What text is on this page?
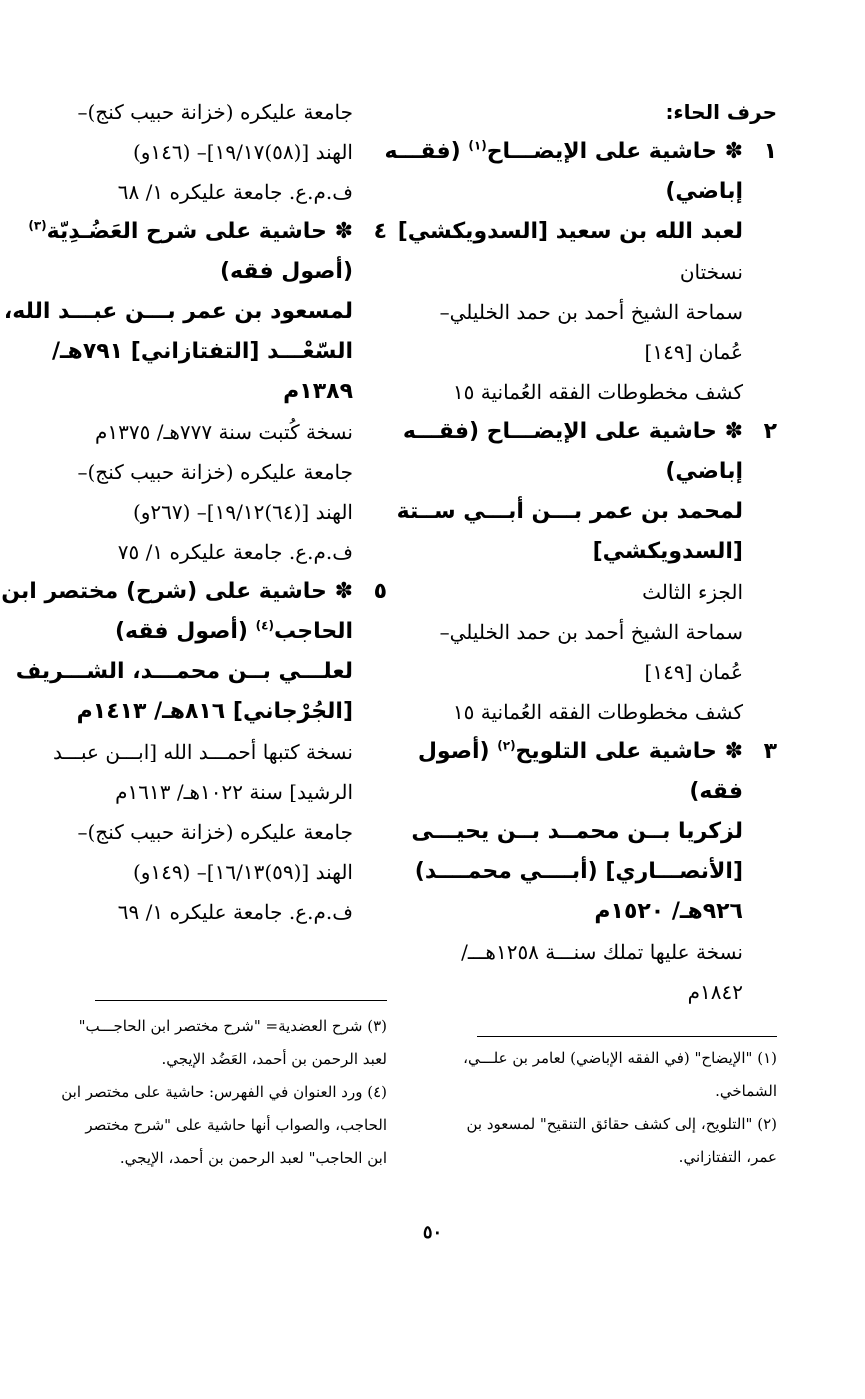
حرف الحاء:
١✽ حاشية على الإيضـــاح$^{(١)}$ (فقـــه
إباضي)
لعبد الله بن سعيد [السدويكشي]
نسختان
سماحة الشيخ أحمد بن حمد الخليلي–
عُمان [١٤٩]
كشف مخطوطات الفقه العُمانية ١٥
٢✽ حاشية على الإيضـــاح (فقـــه
إباضي)
لمحمد بن عمر بـــن أبـــي ســتة
[السدويكشي]
الجزء الثالث
سماحة الشيخ أحمد بن حمد الخليلي–
عُمان [١٤٩]
كشف مخطوطات الفقه العُمانية ١٥
٣✽ حاشية على التلويح$^{(٢)}$ (أصول
فقه)
لزكريا بــن محمــد بــن يحيـــى
[الأنصـــاري] (أبــــي محمــــد)
٩٢٦هـ/ ١٥٢٠م
نسخة عليها تملك سنـــة ١٢٥٨هـــ/
١٨٤٢م
جامعة عليكره (خزانة حبيب كنج)–
الهند [(٥٨)١٩/١٧]– (١٤٦و)
ف.م.ع. جامعة عليكره ١/ ٦٨
٤✽ حاشية على شرح العَضُـدِيّة$^{(٣)}$
(أصول فقه)
لمسعود بن عمر بـــن عبـــد الله،
السّعْـــد [التفتازاني] ٧٩١هـ/
١٣٨٩م
نسخة كُتبت سنة ٧٧٧هـ/ ١٣٧٥م
جامعة عليكره (خزانة حبيب كنج)–
الهند [(٦٤)١٩/١٢]– (٢٦٧و)
ف.م.ع. جامعة عليكره ١/ ٧٥
٥✽ حاشية على (شرح) مختصر ابن
الحاجب$^{(٤)}$ (أصول فقه)
لعلـــي بــن محمـــد، الشـــريف
[الجُرْجاني] ٨١٦هـ/ ١٤١٣م
نسخة كتبها أحمـــد الله [ابـــن عبـــد
الرشيد] سنة ١٠٢٢هـ/ ١٦١٣م
جامعة عليكره (خزانة حبيب كنج)–
الهند [(٥٩)١٦/١٣]– (١٤٩و)
ف.م.ع. جامعة عليكره ١/ ٦٩
(١) "الإيضاح" (في الفقه الإباضي) لعامر بن علـــي،
الشماخي.
(٢) "التلويح، إلى كشف حقائق التنقيح" لمسعود بن
عمر، التفتازاني.
(٣) شرح العضدية= "شرح مختصر ابن الحاجـــب"
لعبد الرحمن بن أحمد، العَضُد الإيجي.
(٤) ورد العنوان في الفهرس: حاشية على مختصر ابن
الحاجب، والصواب أنها حاشية على "شرح مختصر
ابن الحاجب" لعبد الرحمن بن أحمد، الإيجي.
٥٠
